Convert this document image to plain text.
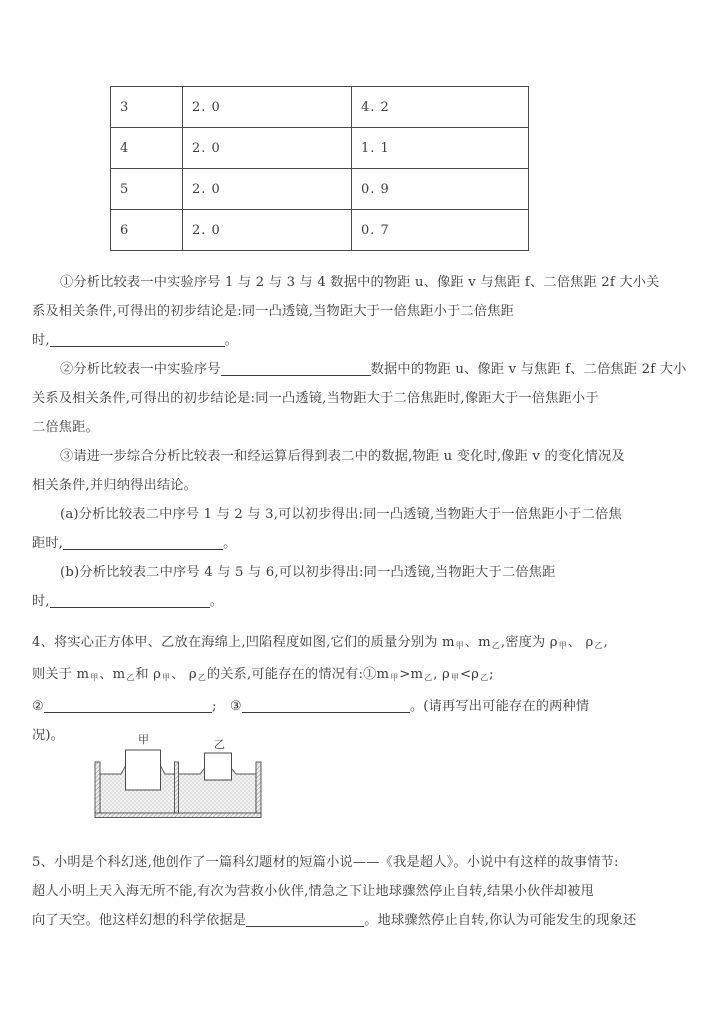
3	2. 0	4. 2
4	2. 0	1. 1
5	2. 0	0. 9
6	2. 0	0. 7
①分析比较表一中实验序号 1 与 2 与 3 与 4 数据中的物距 u、像距 v 与焦距 f、二倍焦距 2f 大小关
系及相关条件,可得出的初步结论是:同一凸透镜,当物距大于一倍焦距小于二倍焦距
时,	。
②分析比较表一中实验序号	数据中的物距 u、像距 v 与焦距 f、二倍焦距 2f 大小
关系及相关条件,可得出的初步结论是:同一凸透镜,当物距大于二倍焦距时,像距大于一倍焦距小于
二倍焦距。
③请进一步综合分析比较表一和经运算后得到表二中的数据,物距 u 变化时,像距 v 的变化情况及
相关条件,并归纳得出结论。
(a)分析比较表二中序号 1 与 2 与 3,可以初步得出:同一凸透镜,当物距大于一倍焦距小于二倍焦
距时,	。
(b)分析比较表二中序号 4 与 5 与 6,可以初步得出:同一凸透镜,当物距大于二倍焦距
时,	。
4、将实心正方体甲、乙放在海绵上,凹陷程度如图,它们的质量分别为 $m_甲$、$m_乙$,密度为 $\rho_甲$、 $\rho_乙$,
则关于 $m_甲$、$m_乙$和 $\rho_甲$、 $\rho_乙$的关系,可能存在的情况有$:①m_甲>m_乙$, $\rho_甲<\rho_乙$;
②	; ③	。(请再写出可能存在的两种情
况)。	甲	乙
5、小明是个科幻迷,他创作了一篇科幻题材的短篇小说——《我是超人》。小说中有这样的故事情节:
超人小明上天入海无所不能,有次为营救小伙伴,情急之下让地球骤然停止自转,结果小伙伴却被甩
向了天空。他这样幻想的科学依据是	。地球骤然停止自转,你认为可能发生的现象还
